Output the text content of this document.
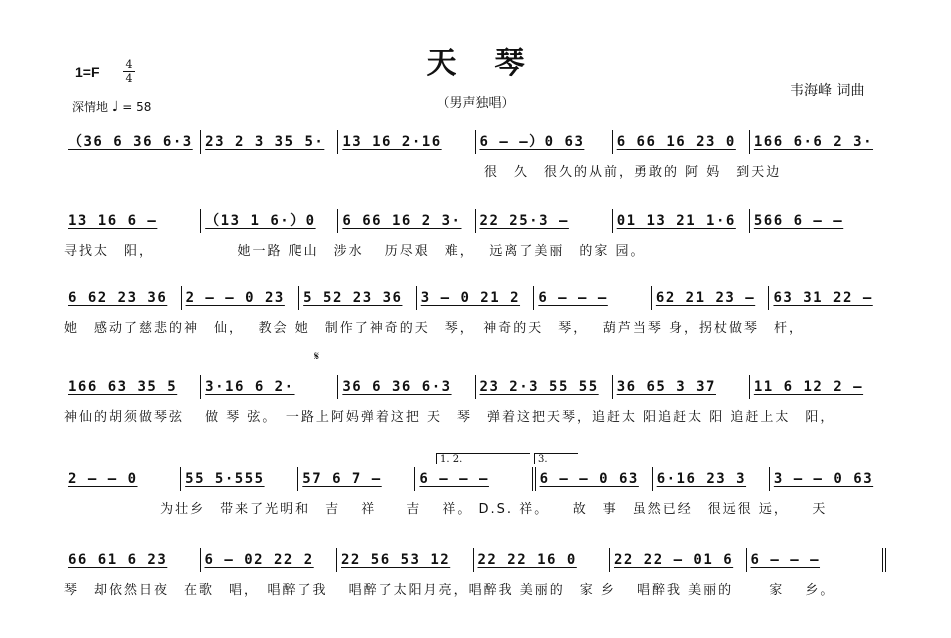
天琴
1=F 4
4
深情地 ♩ = 58	（男声独唱）
韦海峰 词曲
（36 6 36 6·3 23 2 3 35 5·	13 16 2·16	6 – –）0 63	6 66 16 23 0	166 6·6 2 3·
　　　　　　　　　　　　　　　　　　　　　　　　　　　　很　久　很久的从前，勇敢的 阿 妈　到天边
13 16 6 –	（13 1 6·）0	6 66 16 2 3·	22 25·3 –	01 13 21 1·6	566 6 – –
寻找太　阳，　　　　　　她一路 爬山　涉水　 历尽艰　难，　 远离了美丽　的家 园。
6 62 23 36	2 – – 0 23	5 52 23 36	3 – 0 21 2	6 – – –	62 21 23 –	63 31 22 –
她　感动了慈悲的神　仙，　 教会 她　制作了神奇的天　琴，　神奇的天　琴，　 葫芦当琴 身，拐杖做琴　杆，
𝄋
166 63 35 5	3·16 6 2·	36 6 36 6·3	23 2·3 55 55	36 65 3 37	11 6 12 2 –
神仙的胡须做琴弦　 做 琴 弦。　一路上阿妈弹着这把 天　琴　弹着这把天琴，追赶太 阳追赶太 阳 追赶上太　阳，
1. 2.	3.
2 – – 0	55 5·555	57 6 7 –	6 – – –	6 – – 0 63	6·16 23 3	3 – – 0 63
　　　　　　 为壮乡　带来了光明和　吉　 祥　　吉　 祥。 D.S. 祥。　　故　事　虽然已经　很远很 远，　　天
66 61 6 23	6 – 02 22 2	22 56 53 12	22 22 16 0	22 22 – 01 6	6 – – –
琴　却依然日夜　在歌　唱，　唱醉了我　 唱醉了太阳月亮，唱醉我 美丽的　家 乡　 唱醉我 美丽的　　 家　 乡。
